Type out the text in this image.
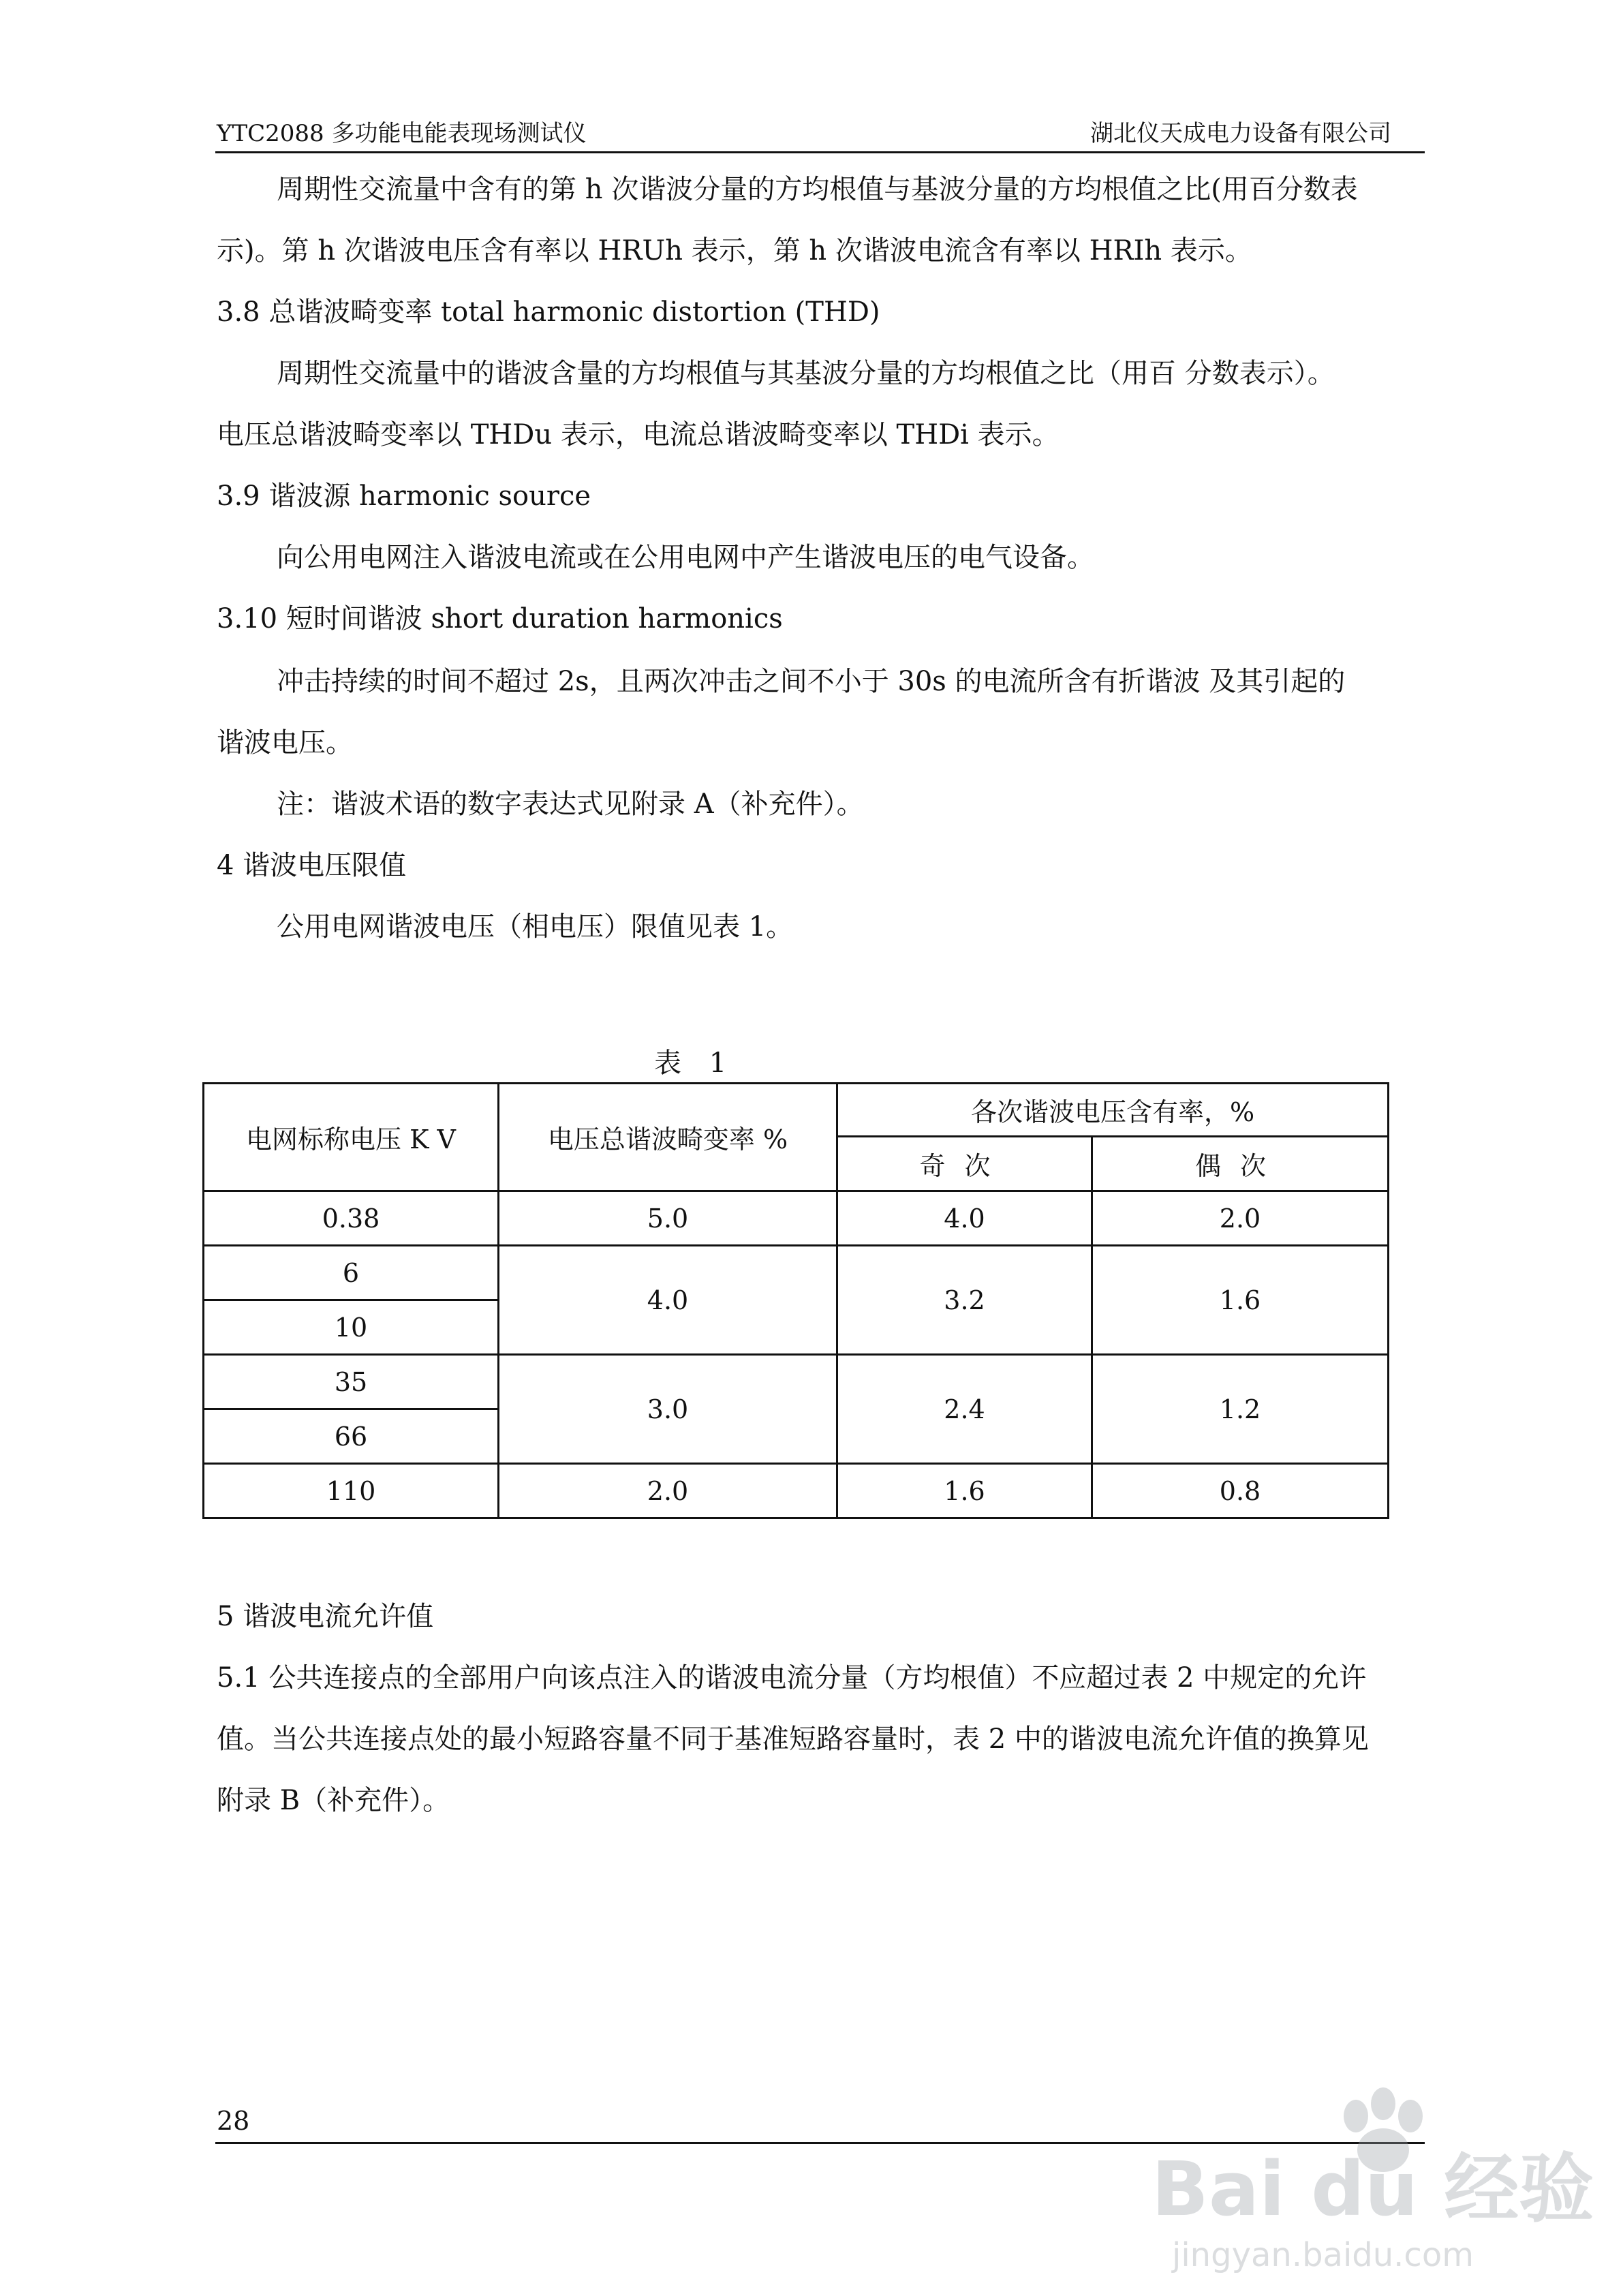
YTC2088 多功能电能表现场测试仪	湖北仪天成电力设备有限公司
周期性交流量中含有的第 h 次谐波分量的方均根值与基波分量的方均根值之比(用百分数表
示)。第 h 次谐波电压含有率以 HRUh 表示，第 h 次谐波电流含有率以 HRIh 表示。
3.8 总谐波畸变率 total harmonic distortion (THD)
周期性交流量中的谐波含量的方均根值与其基波分量的方均根值之比（用百 分数表示）。
电压总谐波畸变率以 THDu 表示，电流总谐波畸变率以 THDi 表示。
3.9 谐波源 harmonic source
向公用电网注入谐波电流或在公用电网中产生谐波电压的电气设备。
3.10 短时间谐波 short duration harmonics
冲击持续的时间不超过 2s，且两次冲击之间不小于 30s 的电流所含有折谐波 及其引起的
谐波电压。
注：谐波术语的数字表达式见附录 A（补充件）。
4 谐波电压限值
公用电网谐波电压（相电压）限值见表 1。
表 1
电网标称电压 K V	电压总谐波畸变率 %	各次谐波电压含有率，%	
		奇次	偶次
0.38	5.0	4.0	2.0
6	4.0	3.2	1.6
10			
35	3.0	2.4	1.2
66			
110	2.0	1.6	0.8
5 谐波电流允许值
5.1 公共连接点的全部用户向该点注入的谐波电流分量（方均根值）不应超过表 2 中规定的允许
值。当公共连接点处的最小短路容量不同于基准短路容量时，表 2 中的谐波电流允许值的换算见
附录 B（补充件）。
28
Bai du 经验
jingyan.baidu.com
